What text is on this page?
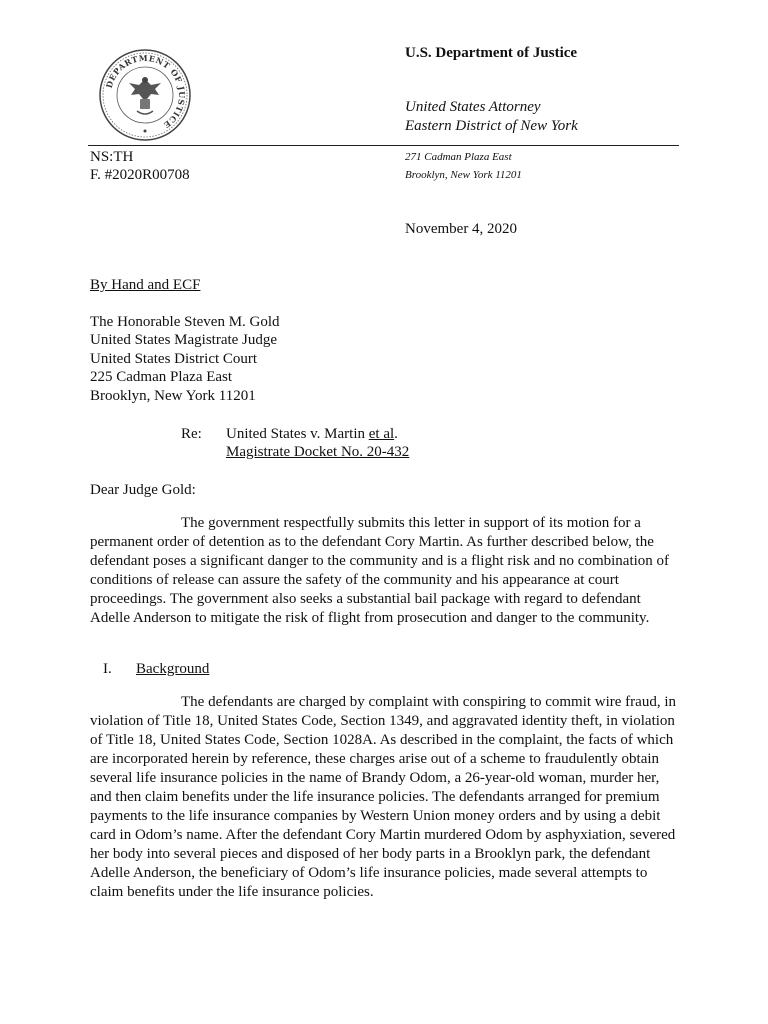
DEPARTMENT OF JUSTICE
U.S. Department of Justice
United States Attorney
Eastern District of New York
NS:TH
F. #2020R00708
271 Cadman Plaza East
Brooklyn, New York 11201
November 4, 2020
By Hand and ECF
The Honorable Steven M. Gold
United States Magistrate Judge
United States District Court
225 Cadman Plaza East
Brooklyn, New York 11201
Re: United States v. Martin et al.
Magistrate Docket No. 20-432
Dear Judge Gold:
The government respectfully submits this letter in support of its motion for a permanent order of detention as to the defendant Cory Martin. As further described below, the defendant poses a significant danger to the community and is a flight risk and no combination of conditions of release can assure the safety of the community and his appearance at court proceedings. The government also seeks a substantial bail package with regard to defendant Adelle Anderson to mitigate the risk of flight from prosecution and danger to the community.
I. Background
The defendants are charged by complaint with conspiring to commit wire fraud, in violation of Title 18, United States Code, Section 1349, and aggravated identity theft, in violation of Title 18, United States Code, Section 1028A. As described in the complaint, the facts of which are incorporated herein by reference, these charges arise out of a scheme to fraudulently obtain several life insurance policies in the name of Brandy Odom, a 26-year-old woman, murder her, and then claim benefits under the life insurance policies. The defendants arranged for premium payments to the life insurance companies by Western Union money orders and by using a debit card in Odom’s name. After the defendant Cory Martin murdered Odom by asphyxiation, severed her body into several pieces and disposed of her body parts in a Brooklyn park, the defendant Adelle Anderson, the beneficiary of Odom’s life insurance policies, made several attempts to claim benefits under the life insurance policies.
